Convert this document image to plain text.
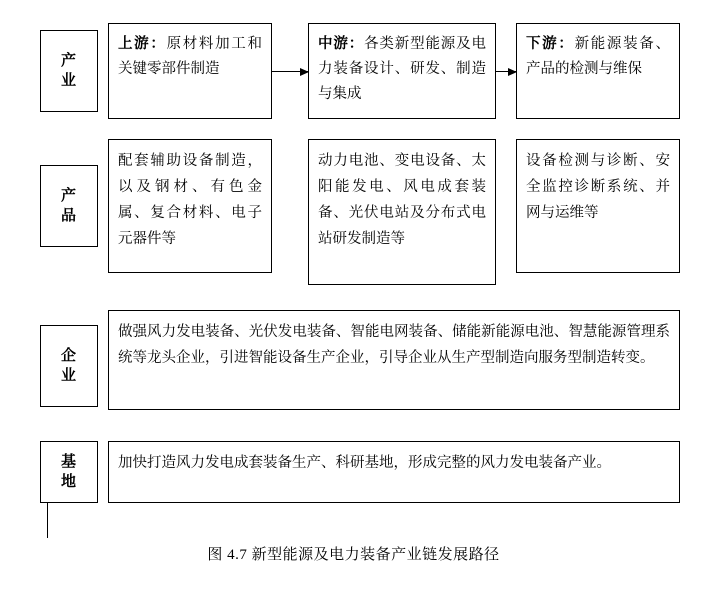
产业
上游：原材料加工和关键零部件制造
中游：各类新型能源及电力装备设计、研发、制造与集成
下游：新能源装备、产品的检测与维保
产品
配套辅助设备制造，以及钢材、有色金属、复合材料、电子元器件等
动力电池、变电设备、太阳能发电、风电成套装备、光伏电站及分布式电站研发制造等
设备检测与诊断、安全监控诊断系统、并网与运维等
企业
做强风力发电装备、光伏发电装备、智能电网装备、储能新能源电池、智慧能源管理系统等龙头企业，引进智能设备生产企业，引导企业从生产型制造向服务型制造转变。
基地
加快打造风力发电成套装备生产、科研基地，形成完整的风力发电装备产业。
图 4.7 新型能源及电力装备产业链发展路径
